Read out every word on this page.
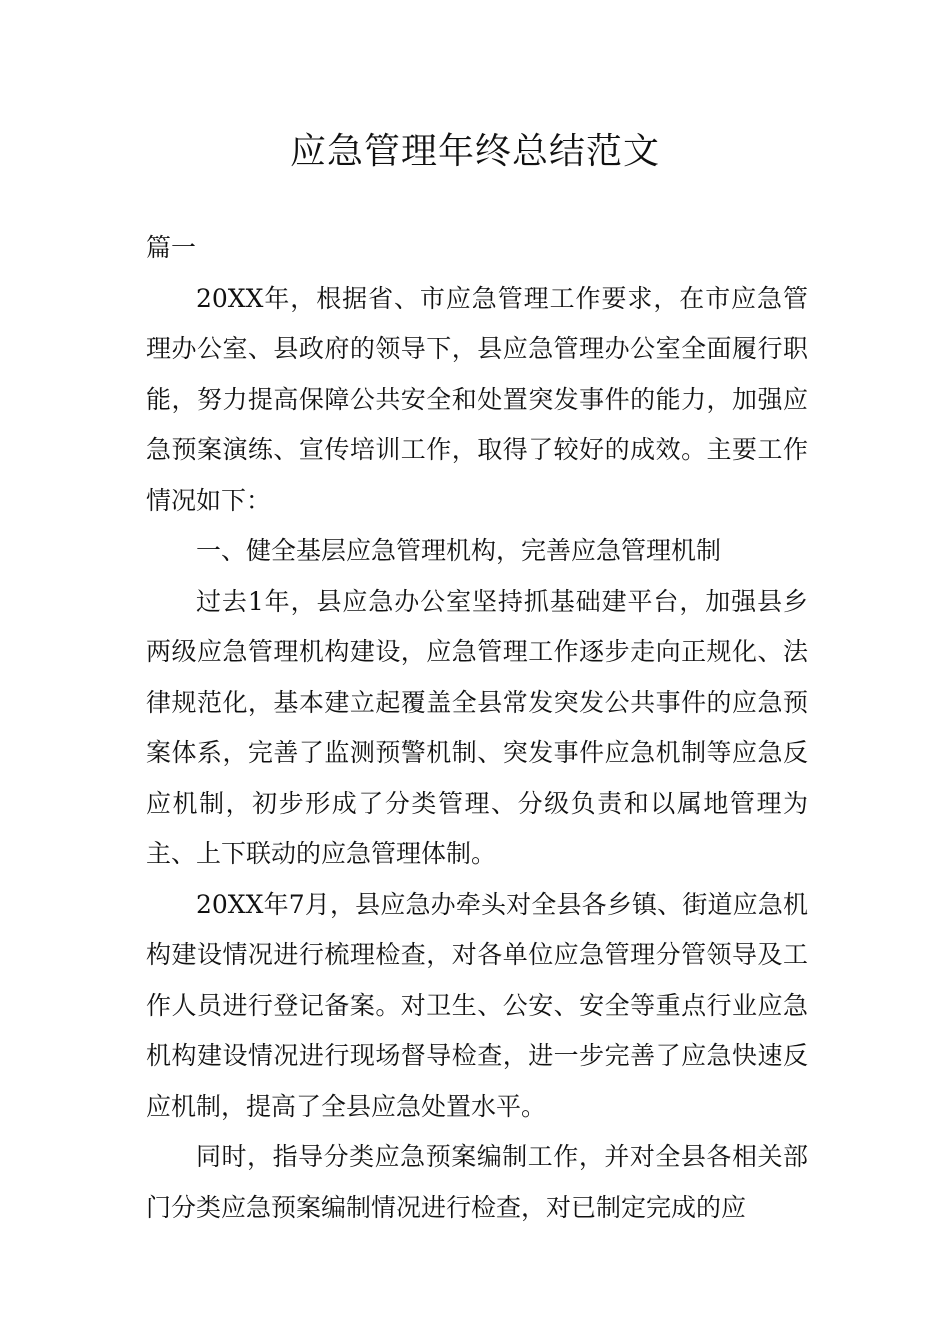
应急管理年终总结范文

篇一

20XX年，根据省、市应急管理工作要求，在市应急管理办公室、县政府的领导下，县应急管理办公室全面履行职能，努力提高保障公共安全和处置突发事件的能力，加强应急预案演练、宣传培训工作，取得了较好的成效。主要工作情况如下：

一、健全基层应急管理机构，完善应急管理机制

过去1年，县应急办公室坚持抓基础建平台，加强县乡两级应急管理机构建设，应急管理工作逐步走向正规化、法律规范化，基本建立起覆盖全县常发突发公共事件的应急预案体系，完善了监测预警机制、突发事件应急机制等应急反应机制，初步形成了分类管理、分级负责和以属地管理为主、上下联动的应急管理体制。

20XX年7月，县应急办牵头对全县各乡镇、街道应急机构建设情况进行梳理检查，对各单位应急管理分管领导及工作人员进行登记备案。对卫生、公安、安全等重点行业应急机构建设情况进行现场督导检查，进一步完善了应急快速反应机制，提高了全县应急处置水平。

同时，指导分类应急预案编制工作，并对全县各相关部门分类应急预案编制情况进行检查，对已制定完成的应
